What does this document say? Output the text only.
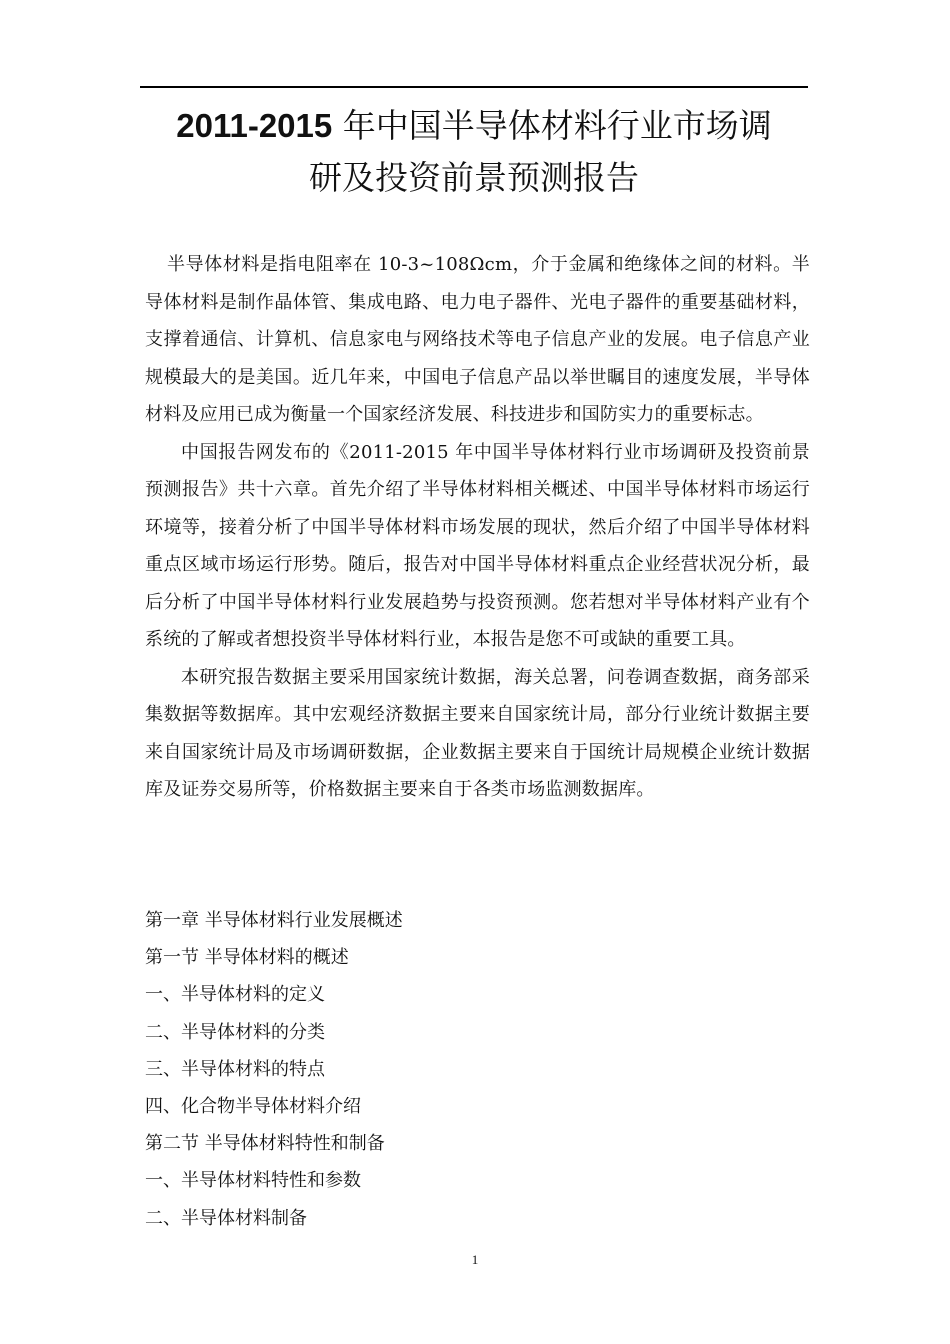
2011-2015 年中国半导体材料行业市场调
研及投资前景预测报告

半导体材料是指电阻率在 10-3~108Ωcm，介于金属和绝缘体之间的材料。半导体材料是制作晶体管、集成电路、电力电子器件、光电子器件的重要基础材料，支撑着通信、计算机、信息家电与网络技术等电子信息产业的发展。电子信息产业规模最大的是美国。近几年来，中国电子信息产品以举世瞩目的速度发展，半导体材料及应用已成为衡量一个国家经济发展、科技进步和国防实力的重要标志。

中国报告网发布的《2011-2015 年中国半导体材料行业市场调研及投资前景预测报告》共十六章。首先介绍了半导体材料相关概述、中国半导体材料市场运行环境等，接着分析了中国半导体材料市场发展的现状，然后介绍了中国半导体材料重点区域市场运行形势。随后，报告对中国半导体材料重点企业经营状况分析，最后分析了中国半导体材料行业发展趋势与投资预测。您若想对半导体材料产业有个系统的了解或者想投资半导体材料行业，本报告是您不可或缺的重要工具。

本研究报告数据主要采用国家统计数据，海关总署，问卷调查数据，商务部采集数据等数据库。其中宏观经济数据主要来自国家统计局，部分行业统计数据主要来自国家统计局及市场调研数据，企业数据主要来自于国统计局规模企业统计数据库及证券交易所等，价格数据主要来自于各类市场监测数据库。

第一章 半导体材料行业发展概述

第一节 半导体材料的概述

一、半导体材料的定义

二、半导体材料的分类

三、半导体材料的特点

四、化合物半导体材料介绍

第二节 半导体材料特性和制备

一、半导体材料特性和参数

二、半导体材料制备

1
